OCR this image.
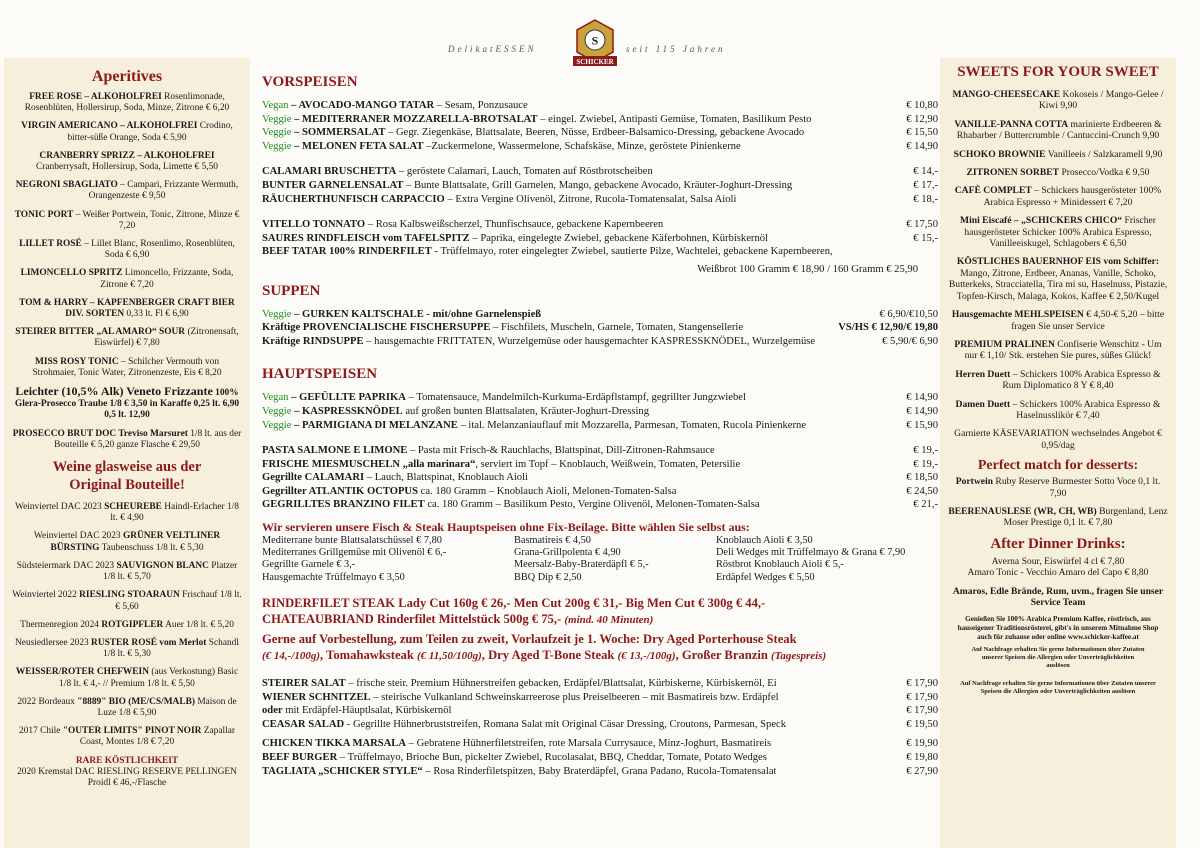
DelikatESSEN
S
SCHICKER
seit 115 Jahren
Aperitives
FREE ROSE – ALKOHOLFREI Rosenlimonade, Rosenblüten, Hollersirup, Soda, Minze, Zitrone € 6,20
VIRGIN AMERICANO – ALKOHOLFREI Crodino, bitter-süße Orange, Soda € 5,90
CRANBERRY SPRIZZ – ALKOHOLFREI Cranberrysaft, Hollersirup, Soda, Limette € 5,50
NEGRONI SBAGLIATO – Campari, Frizzante Wermuth, Orangenzeste € 9,50
TONIC PORT – Weißer Portwein, Tonic, Zitrone, Minze € 7,20
LILLET ROSÉ – Lillet Blanc, Rosenlimo, Rosenblüten, Soda € 6,90
LIMONCELLO SPRITZ Limoncello, Frizzante, Soda, Zitrone € 7,20
TOM & HARRY – KAPFENBERGER CRAFT BIER DIV. SORTEN 0,33 lt. Fl € 6,90
STEIRER BITTER „AL AMARO“ SOUR (Zitronensaft, Eiswürfel) € 7,80
MISS ROSY TONIC – Schilcher Vermouth von Strohmaier, Tonic Water, Zitronenzeste, Eis € 8,20
Leichter (10,5% Alk) Veneto Frizzante 100% Glera-Prosecco Traube 1/8 € 3,50 in Karaffe 0,25 lt. 6,90 0,5 lt. 12,90
PROSECCO BRUT DOC Treviso Marsuret 1/8 lt. aus der Bouteille € 5,20 ganze Flasche € 29,50
Weine glasweise aus der Original Bouteille!
Weinviertel DAC 2023 SCHEUREBE Haindl-Erlacher 1/8 lt. € 4,90
Weinviertel DAC 2023 GRÜNER VELTLINER BÜRSTING Taubenschuss 1/8 lt. € 5,30
Südsteiermark DAC 2023 SAUVIGNON BLANC Platzer 1/8 lt. € 5,70
Weinviertel 2022 RIESLING STOARAUN Frischauf 1/8 lt. € 5,60
Thermenregion 2024 ROTGIPFLER Auer 1/8 lt. € 5,20
Neusiedlersee 2023 RUSTER ROSÉ vom Merlot Schandl 1/8 lt. € 5,30
WEISSER/ROTER CHEFWEIN (aus Verkostung) Basic 1/8 lt. € 4,- // Premium 1/8 lt. € 5,50
2022 Bordeaux "8889" BIO (ME/CS/MALB) Maison de Luze 1/8 € 5,90
2017 Chile "OUTER LIMITS" PINOT NOIR Zapallar Coast, Montes 1/8 € 7,20
RARE KÖSTLICHKEIT
2020 Kremstal DAC RIESLING RESERVE PELLINGEN Proidl € 46,-/Flasche
VORSPEISEN
Vegan – AVOCADO-MANGO TATAR – Sesam, Ponzusauce	€ 10,80
Veggie – MEDITERRANER MOZZARELLA-BROTSALAT – eingel. Zwiebel, Antipasti Gemüse, Tomaten, Basilikum Pesto	€ 12,90
Veggie – SOMMERSALAT – Gegr. Ziegenkäse, Blattsalate, Beeren, Nüsse, Erdbeer-Balsamico-Dressing, gebackene Avocado	€ 15,50
Veggie – MELONEN FETA SALAT –Zuckermelone, Wassermelone, Schafskäse, Minze, geröstete Pinienkerne	€ 14,90
CALAMARI BRUSCHETTA – geröstete Calamari, Lauch, Tomaten auf Röstbrotscheiben	€ 14,-
BUNTER GARNELENSALAT – Bunte Blattsalate, Grill Garnelen, Mango, gebackene Avocado, Kräuter-Joghurt-Dressing	€ 17,-
RÄUCHERTHUNFISCH CARPACCIO – Extra Vergine Olivenöl, Zitrone, Rucola-Tomatensalat, Salsa Aioli	€ 18,-
VITELLO TONNATO – Rosa Kalbsweißscherzel, Thunfischsauce, gebackene Kapernbeeren	€ 17,50
SAURES RINDFLEISCH vom TAFELSPITZ – Paprika, eingelegte Zwiebel, gebackene Käferbohnen, Kürbiskernöl	€ 15,-
BEEF TATAR 100% RINDERFILET - Trüffelmayo, roter eingelegter Zwiebel, sautierte Pilze, Wachtelei, gebackene Kapernbeeren,
Weißbrot 100 Gramm € 18,90 / 160 Gramm € 25,90
SUPPEN
Veggie – GURKEN KALTSCHALE - mit/ohne Garnelenspieß	€ 6,90/€10,50
Kräftige PROVENCIALISCHE FISCHERSUPPE – Fischfilets, Muscheln, Garnele, Tomaten, Stangensellerie	VS/HS € 12,90/€ 19,80
Kräftige RINDSUPPE – hausgemachte FRITTATEN, Wurzelgemüse oder hausgemachter KASPRESSKNÖDEL, Wurzelgemüse	€ 5,90/€ 6,90
HAUPTSPEISEN
Vegan – GEFÜLLTE PAPRIKA – Tomatensauce, Mandelmilch-Kurkuma-Erdäpflstampf, gegrillter Jungzwiebel	€ 14,90
Veggie – KASPRESSKNÖDEL auf großen bunten Blattsalaten, Kräuter-Joghurt-Dressing	€ 14,90
Veggie – PARMIGIANA DI MELANZANE – ital. Melanzaniauflauf mit Mozzarella, Parmesan, Tomaten, Rucola Pinienkerne	€ 15,90
PASTA SALMONE E LIMONE – Pasta mit Frisch-& Rauchlachs, Blattspinat, Dill-Zitronen-Rahmsauce	€ 19,-
FRISCHE MIESMUSCHELN „alla marinara“, serviert im Topf – Knoblauch, Weißwein, Tomaten, Petersilie	€ 19,-
Gegrillte CALAMARI – Lauch, Blattspinat, Knoblauch Aioli	€ 18,50
Gegrillter ATLANTIK OCTOPUS ca. 180 Gramm – Knoblauch Aioli, Melonen-Tomaten-Salsa	€ 24,50
GEGRILLTES BRANZINO FILET ca. 180 Gramm – Basilikum Pesto, Vergine Olivenöl, Melonen-Tomaten-Salsa	€ 21,-
Wir servieren unsere Fisch & Steak Hauptspeisen ohne Fix-Beilage. Bitte wählen Sie selbst aus:
Mediterrane bunte Blattsalatschüssel € 7,80	Basmatireis € 4,50	Knoblauch Aioli € 3,50
Mediterranes Grillgemüse mit Olivenöl € 6,-	Grana-Grillpolenta € 4,90	Deli Wedges mit Trüffelmayo & Grana € 7,90
Gegrillte Garnele € 3,-	Meersalz-Baby-Braterdäpfl € 5,-	Röstbrot Knoblauch Aioli € 5,-
Hausgemachte Trüffelmayo € 3,50	BBQ Dip € 2,50	Erdäpfel Wedges € 5,50
RINDERFILET STEAK Lady Cut 160g € 26,- Men Cut 200g € 31,- Big Men Cut € 300g € 44,-
CHATEAUBRIAND Rinderfilet Mittelstück 500g € 75,- (mind. 40 Minuten)
Gerne auf Vorbestellung, zum Teilen zu zweit, Vorlaufzeit je 1. Woche: Dry Aged Porterhouse Steak
(€ 14,-/100g), Tomahawksteak (€ 11,50/100g), Dry Aged T-Bone Steak (€ 13,-/100g), Großer Branzin (Tagespreis)
STEIRER SALAT – frische steir. Premium Hühnerstreifen gebacken, Erdäpfel/Blattsalat, Kürbiskerne, Kürbiskernöl, Ei	€ 17,90
WIENER SCHNITZEL – steirische Vulkanland Schweinskarreerose plus Preiselbeeren – mit Basmatireis bzw. Erdäpfel	€ 17,90
oder mit Erdäpfel-Häuptlsalat, Kürbiskernöl	€ 17,90
CEASAR SALAD - Gegrillte Hühnerbruststreifen, Romana Salat mit Original Cäsar Dressing, Croutons, Parmesan, Speck	€ 19,50
CHICKEN TIKKA MARSALA – Gebratene Hühnerfiletstreifen, rote Marsala Currysauce, Minz-Joghurt, Basmatireis	€ 19,90
BEEF BURGER – Trüffelmayo, Brioche Bun, pickelter Zwiebel, Rucolasalat, BBQ, Cheddar, Tomate, Potato Wedges	€ 19,80
TAGLIATA „SCHICKER STYLE“ – Rosa Rinderfiletspitzen, Baby Braterdäpfel, Grana Padano, Rucola-Tomatensalat	€ 27,90
SWEETS FOR YOUR SWEET
MANGO-CHEESECAKE Kokoseis / Mango-Gelee / Kiwi 9,90
VANILLE-PANNA COTTA marinierte Erdbeeren & Rhabarber / Buttercrumble / Cantuccini-Crunch 9,90
SCHOKO BROWNIE Vanilleeis / Salzkaramell 9,90
ZITRONEN SORBET Prosecco/Vodka € 9,50
CAFÈ COMPLET – Schickers hausgerösteter 100% Arabica Espresso + Minidessert € 7,20
Mini Eiscafé – „SCHICKERS CHICO“ Frischer hausgerösteter Schicker 100% Arabica Espresso, Vanilleeiskugel, Schlagobers € 6,50
KÖSTLICHES BAUERNHOF EIS vom Schiffer: Mango, Zitrone, Erdbeer, Ananas, Vanille, Schoko, Butterkeks, Stracciatella, Tira mi su, Haselnuss, Pistazie, Topfen-Kirsch, Malaga, Kokos, Kaffee € 2,50/Kugel
Hausgemachte MEHLSPEISEN € 4,50-€ 5,20 – bitte fragen Sie unser Service
PREMIUM PRALINEN Confiserie Wenschitz - Um nur € 1,10/ Stk. erstehen Sie pures, süßes Glück!
Herren Duett – Schickers 100% Arabica Espresso & Rum Diplomatico 8 Y € 8,40
Damen Duett – Schickers 100% Arabica Espresso & Haselnusslikör € 7,40
Garnierte KÄSEVARIATION wechselndes Angebot € 0,95/dag
Perfect match for desserts:
Portwein Ruby Reserve Burmester Sotto Voce 0,1 lt. 7,90
BEERENAUSLESE (WR, CH, WB) Burgenland, Lenz Moser Prestige 0,1 lt. € 7,80
After Dinner Drinks:
Averna Sour, Eiswürfel 4 cl € 7,80
Amaro Tonic - Vecchio Amaro del Capo € 8,80
Amaros, Edle Brände, Rum, uvm., fragen Sie unser Service Team
Genießen Sie 100% Arabica Premium Kaffee, röstfrisch, aus hauseigener Traditionsrösterei, gibt's in unserem Mitnahme Shop auch für zuhause oder online www.schicker-kaffee.at
Auf Nachfrage erhalten Sie gerne Informationen über Zutaten unserer Speisen die Allergien oder Unverträglichkeiten auslösen
Auf Nachfrage erhalten Sie gerne Informationen über Zutaten unserer Speisen die Allergien oder Unverträglichkeiten auslösen
